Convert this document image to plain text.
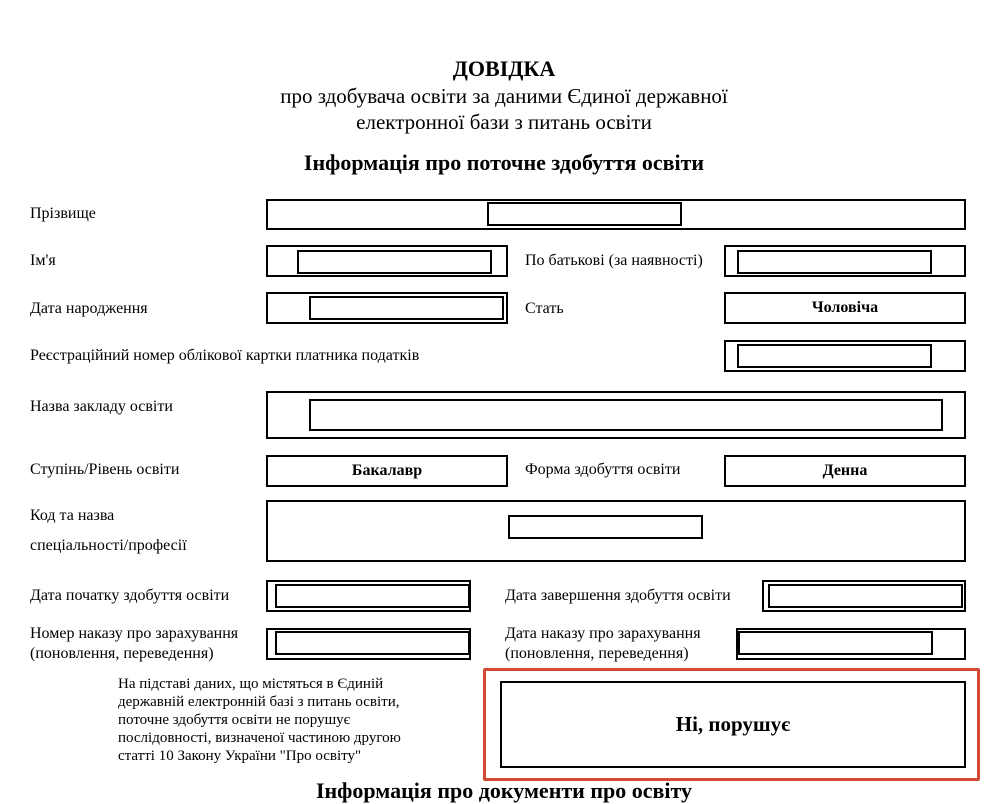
ДОВІДКА
про здобувача освіти за даними Єдиної державної
електронної бази з питань освіти
Інформація про поточне здобуття освіти
Прізвище
Ім'я	По батькові (за наявності)
Дата народження	Стать	Чоловіча
Реєстраційний номер облікової картки платника податків
Назва закладу освіти
Ступінь/Рівень освіти	Бакалавр	Форма здобуття освіти	Денна
Код та назва
спеціальності/професії
Дата початку здобуття освіти	Дата завершення здобуття освіти
Номер наказу про зарахування
(поновлення, переведення)
Дата наказу про зарахування
(поновлення, переведення)
На підставі даних, що містяться в Єдиній
державній електронній базі з питань освіти,
поточне здобуття освіти не порушує
послідовності, визначеної частиною другою
статті 10 Закону України "Про освіту"
Ні, порушує
Інформація про документи про освіту
